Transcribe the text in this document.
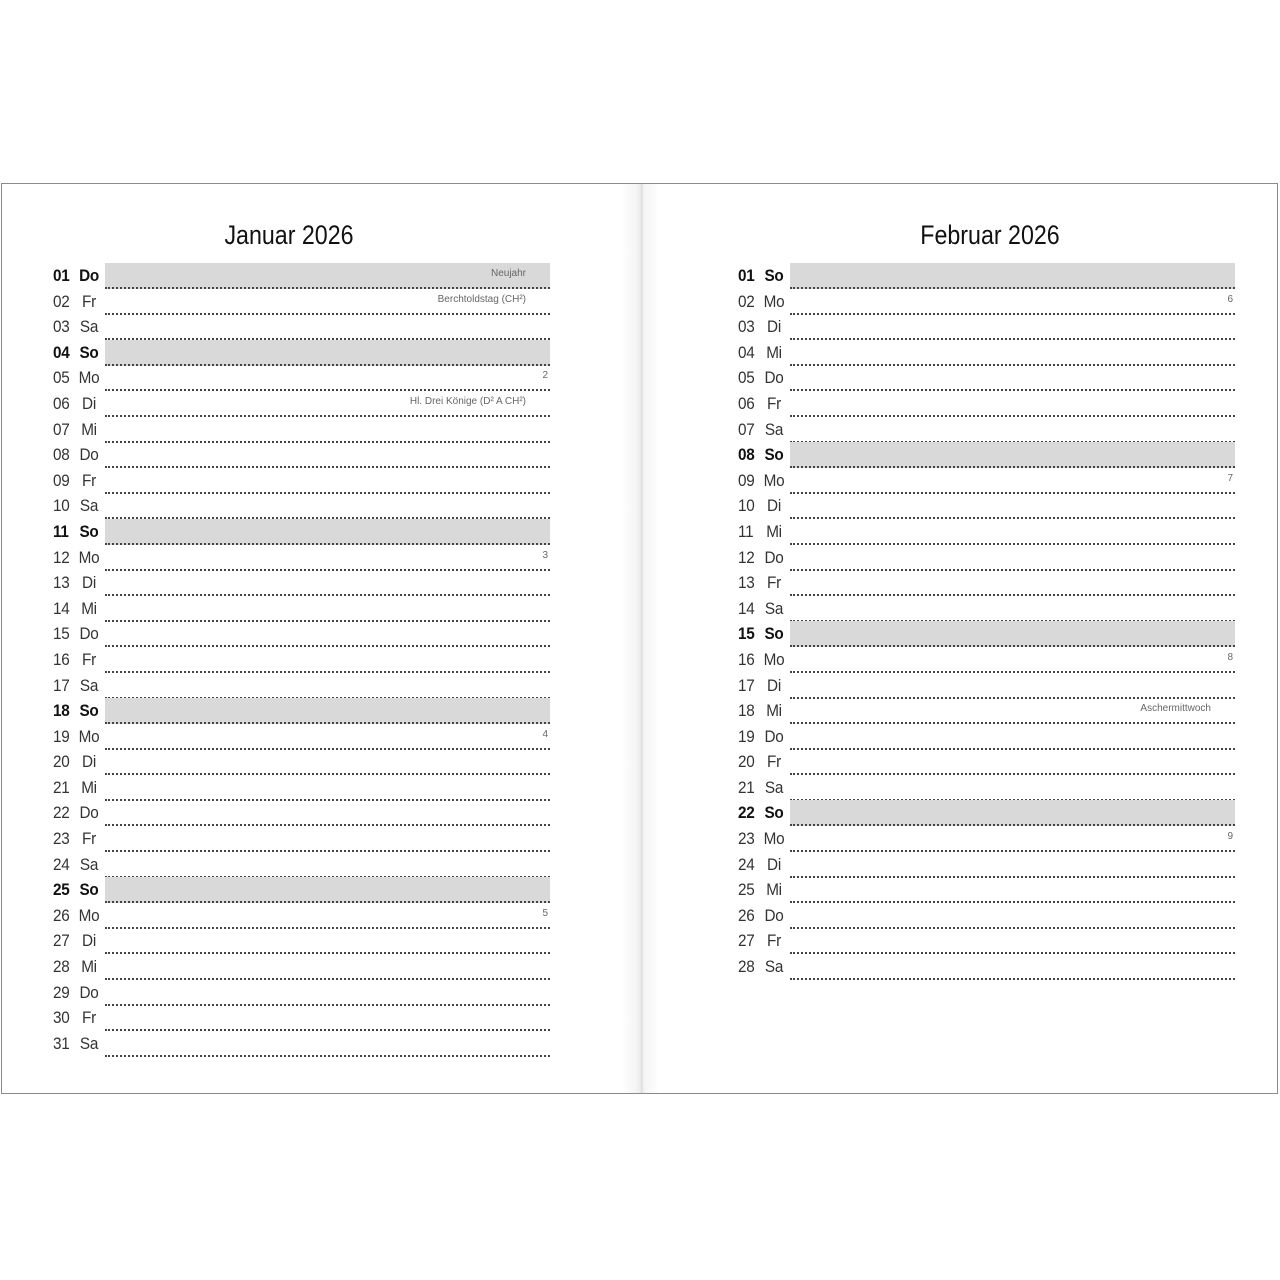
Januar 2026
01 Do	Neujahr
02 Fr	Berchtoldstag (CH²)
03 Sa
04 So
05 Mo	2
06 Di	Hl. Drei Könige (D² A CH²)
07 Mi
08 Do
09 Fr
10 Sa
11 So
12 Mo	3
13 Di
14 Mi
15 Do
16 Fr
17 Sa
18 So
19 Mo	4
20 Di
21 Mi
22 Do
23 Fr
24 Sa
25 So
26 Mo	5
27 Di
28 Mi
29 Do
30 Fr
31 Sa
Februar 2026
01 So
02 Mo	6
03 Di
04 Mi
05 Do
06 Fr
07 Sa
08 So
09 Mo	7
10 Di
11 Mi
12 Do
13 Fr
14 Sa
15 So
16 Mo	8
17 Di
18 Mi	Aschermittwoch
19 Do
20 Fr
21 Sa
22 So
23 Mo	9
24 Di
25 Mi
26 Do
27 Fr
28 Sa
